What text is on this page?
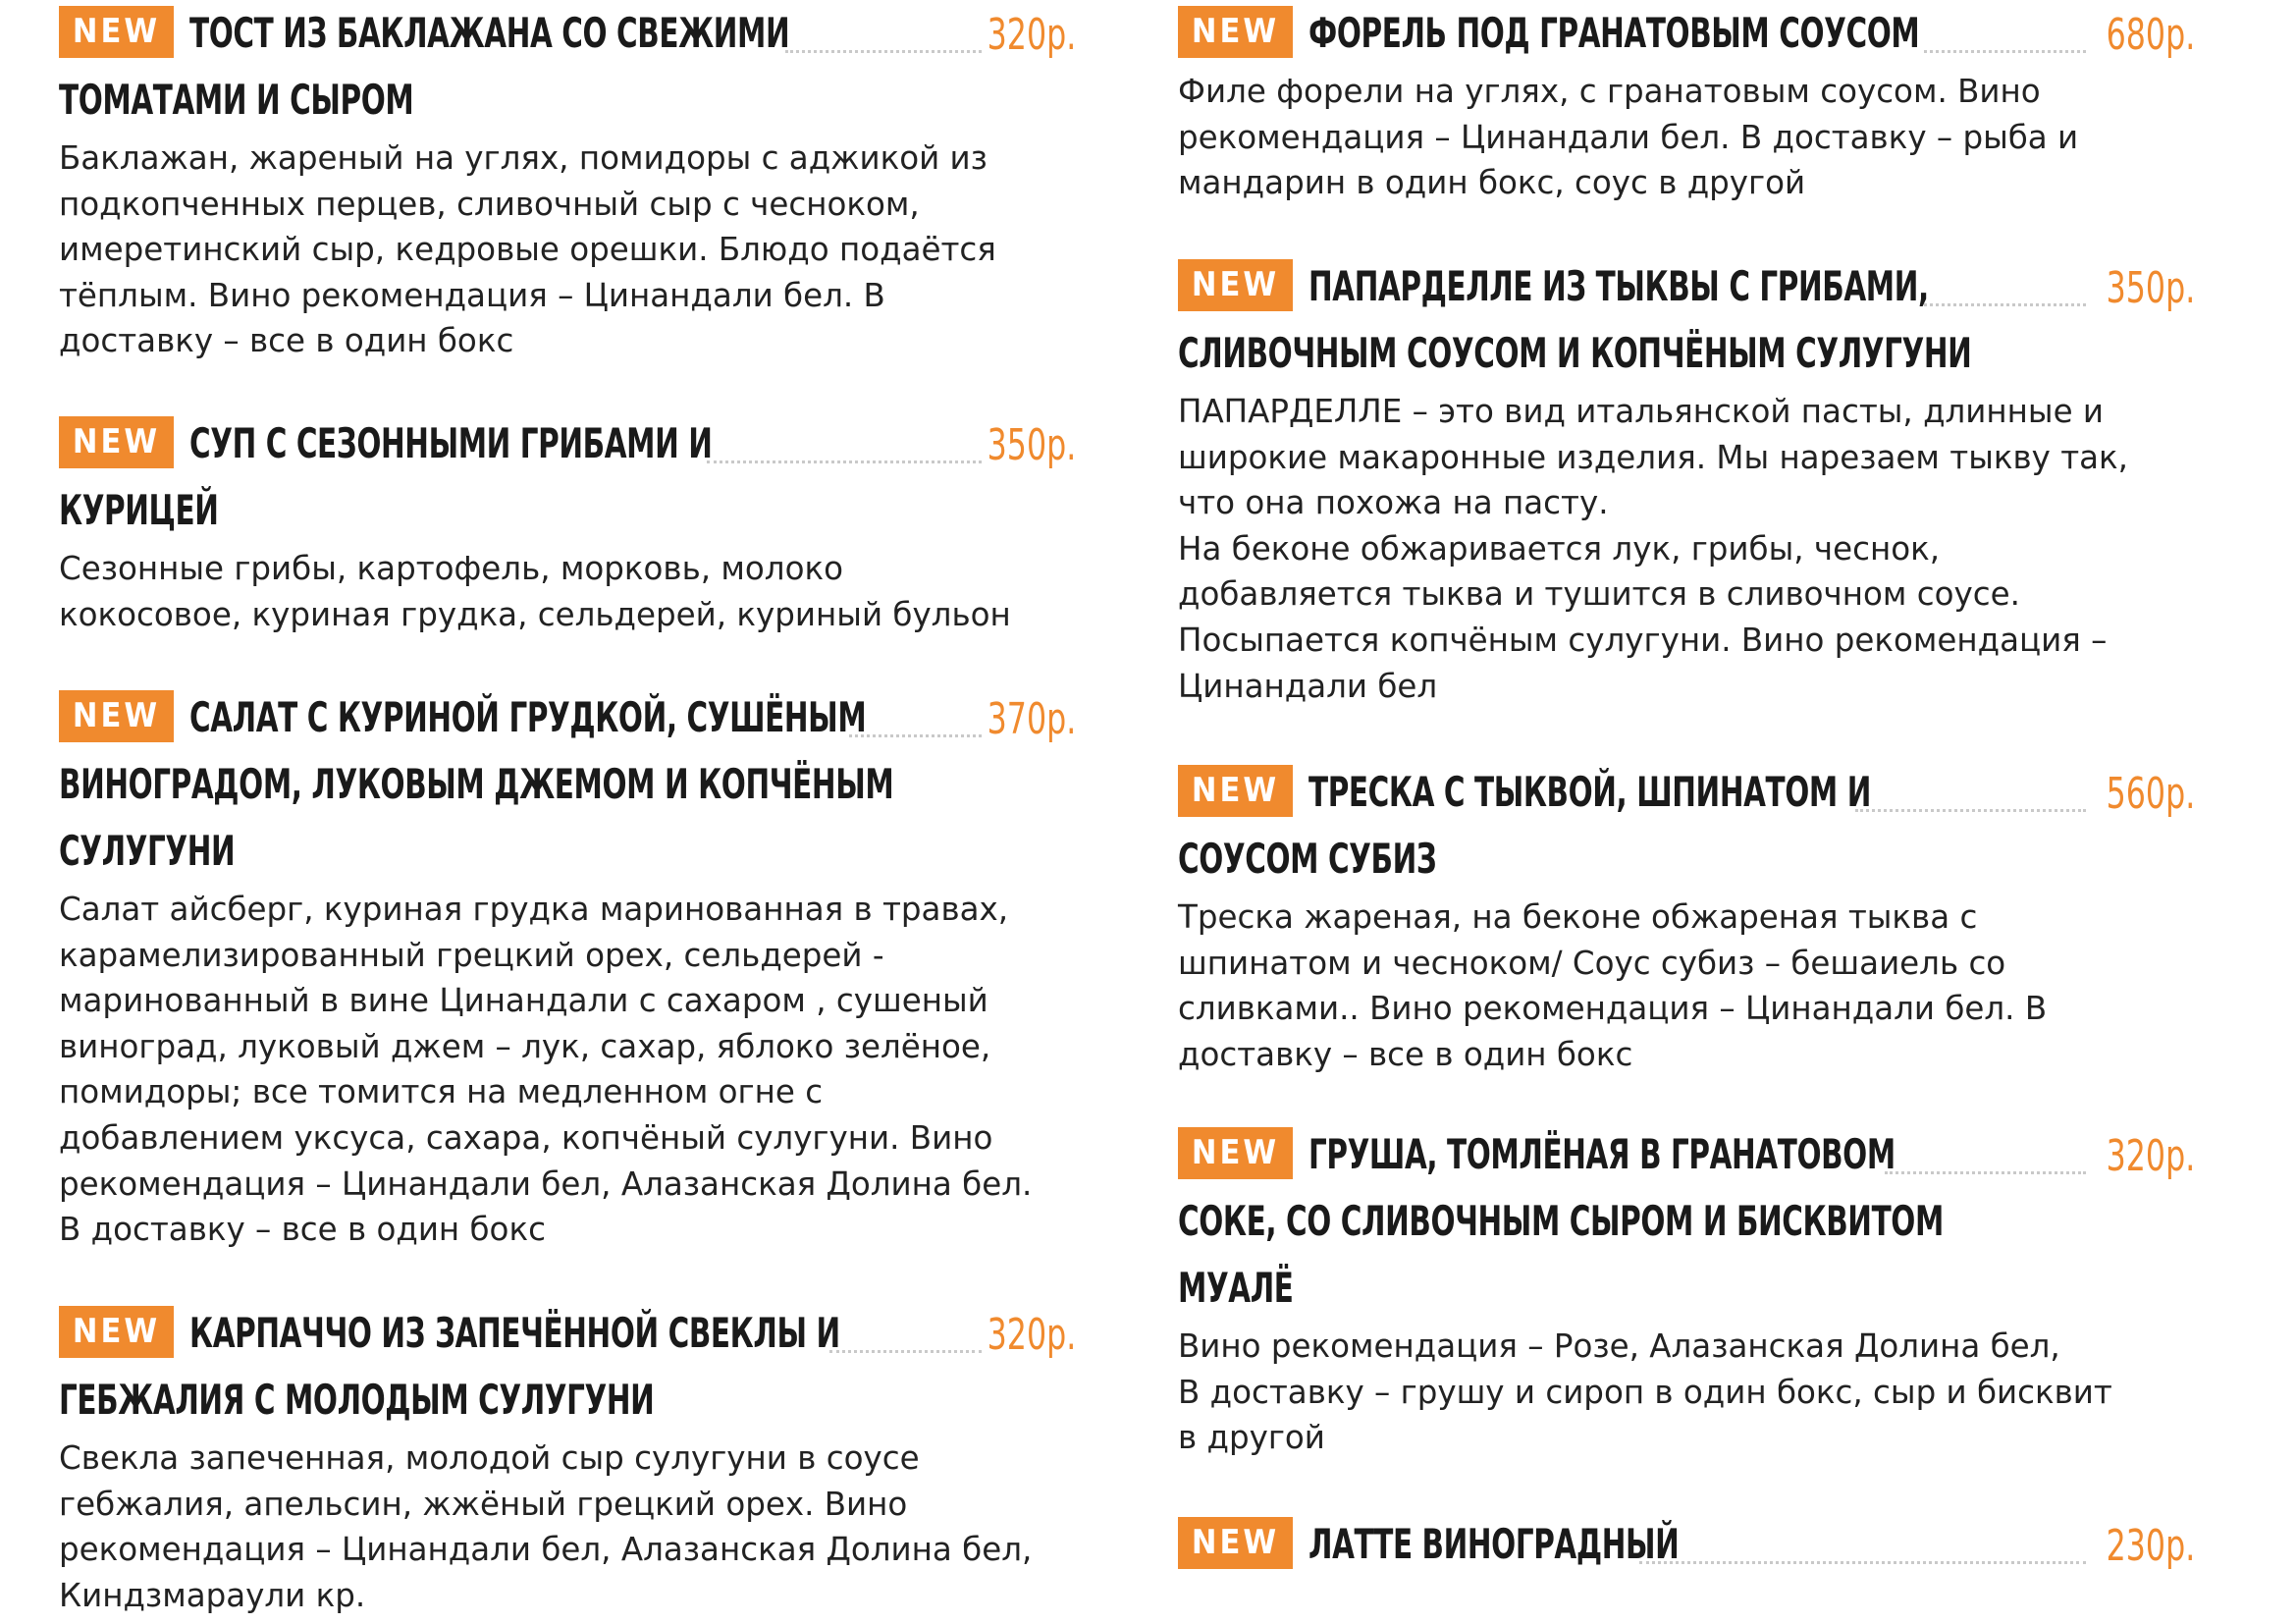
NEW ТОСТ ИЗ БАКЛАЖАНА СО СВЕЖИМИ	320р.
ТОМАТАМИ И СЫРОМ

Баклажан, жареный на углях, помидоры с аджикой из
подкопченных перцев, сливочный сыр с чесноком,
имеретинский сыр, кедровые орешки. Блюдо подаётся
тёплым. Вино рекомендация – Цинандали бел. В
доставку – все в один бокс

NEW СУП С СЕЗОННЫМИ ГРИБАМИ И	350р.
КУРИЦЕЙ

Сезонные грибы, картофель, морковь, молоко
кокосовое, куриная грудка, сельдерей, куриный бульон

NEW САЛАТ С КУРИНОЙ ГРУДКОЙ, СУШЁНЫМ	370р.
ВИНОГРАДОМ, ЛУКОВЫМ ДЖЕМОМ И КОПЧЁНЫМ
СУЛУГУНИ

Салат айсберг, куриная грудка маринованная в травах,
карамелизированный грецкий орех, сельдерей -
маринованный в вине Цинандали с сахаром , сушеный
виноград, луковый джем – лук, сахар, яблоко зелёное,
помидоры; все томится на медленном огне с
добавлением уксуса, сахара, копчёный сулугуни. Вино
рекомендация – Цинандали бел, Алазанская Долина бел.
В доставку – все в один бокс

NEW КАРПАЧЧО ИЗ ЗАПЕЧЁННОЙ СВЕКЛЫ И	320р.
ГЕБЖАЛИЯ С МОЛОДЫМ СУЛУГУНИ

Свекла запеченная, молодой сыр сулугуни в соусе
гебжалия, апельсин, жжёный грецкий орех. Вино
рекомендация – Цинандали бел, Алазанская Долина бел,
Киндзмараули кр.

NEW ФОРЕЛЬ ПОД ГРАНАТОВЫМ СОУСОМ	680р.

Филе форели на углях, с гранатовым соусом. Вино
рекомендация – Цинандали бел. В доставку – рыба и
мандарин в один бокс, соус в другой

NEW ПАПАРДЕЛЛЕ ИЗ ТЫКВЫ С ГРИБАМИ,	350р.
СЛИВОЧНЫМ СОУСОМ И КОПЧЁНЫМ СУЛУГУНИ

ПАПАРДЕЛЛЕ – это вид итальянской пасты, длинные и
широкие макаронные изделия. Мы нарезаем тыкву так,
что она похожа на пасту.
На беконе обжаривается лук, грибы, чеснок,
добавляется тыква и тушится в сливочном соусе.
Посыпается копчёным сулугуни. Вино рекомендация –
Цинандали бел

NEW ТРЕСКА С ТЫКВОЙ, ШПИНАТОМ И	560р.
СОУСОМ СУБИЗ

Треска жареная, на беконе обжареная тыква с
шпинатом и чесноком/ Соус субиз – бешаиель со
сливками.. Вино рекомендация – Цинандали бел. В
доставку – все в один бокс

NEW ГРУША, ТОМЛЁНАЯ В ГРАНАТОВОМ	320р.
СОКЕ, СО СЛИВОЧНЫМ СЫРОМ И БИСКВИТОМ
МУАЛЁ

Вино рекомендация – Розе, Алазанская Долина бел,
В доставку – грушу и сироп в один бокс, сыр и бисквит
в другой

NEW ЛАТТЕ ВИНОГРАДНЫЙ	230р.
